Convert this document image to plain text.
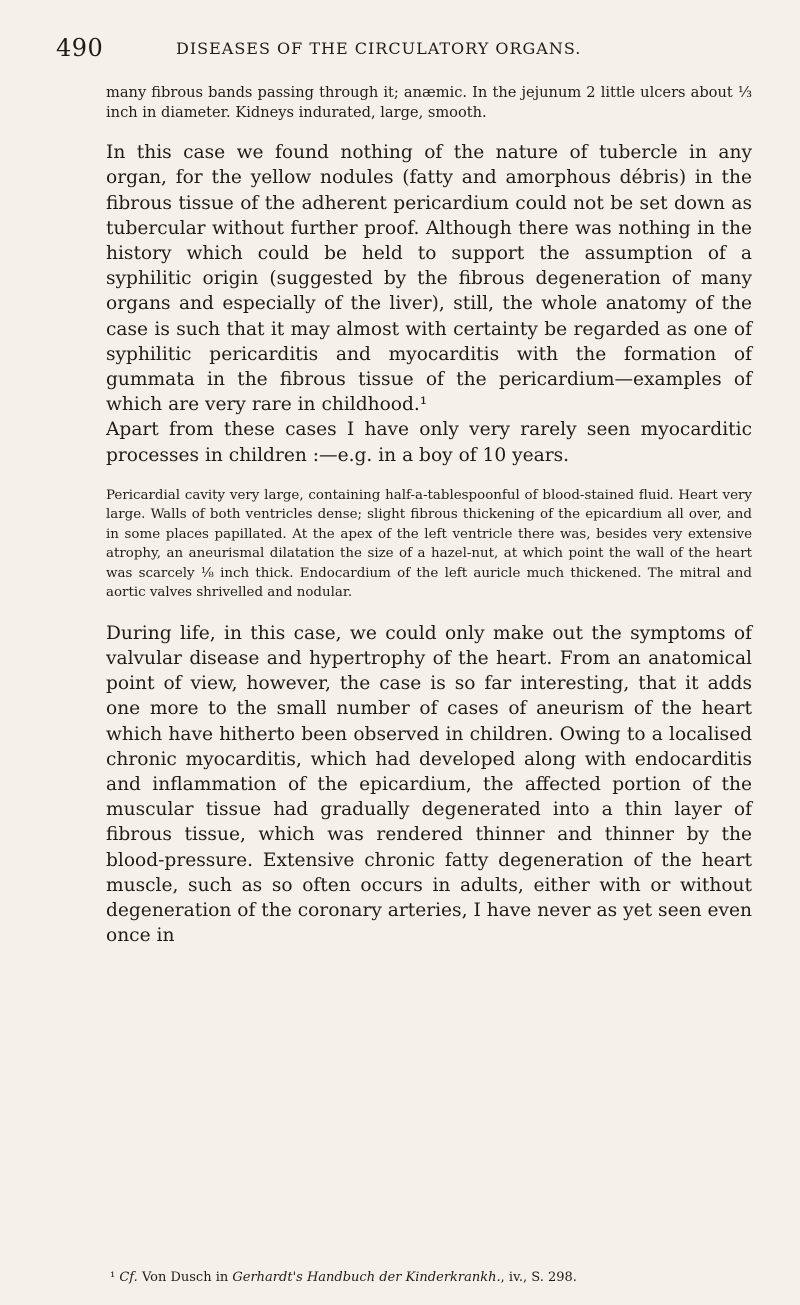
490	DISEASES OF THE CIRCULATORY ORGANS.

many fibrous bands passing through it; anæmic. In the jejunum 2 little ulcers about ⅓ inch in diameter. Kidneys indurated, large, smooth.

In this case we found nothing of the nature of tubercle in any organ, for the yellow nodules (fatty and amorphous débris) in the fibrous tissue of the adherent pericardium could not be set down as tubercular without further proof. Although there was nothing in the history which could be held to support the assumption of a syphilitic origin (suggested by the fibrous degeneration of many organs and especially of the liver), still, the whole anatomy of the case is such that it may almost with certainty be regarded as one of syphilitic pericarditis and myocarditis with the formation of gummata in the fibrous tissue of the pericardium—examples of which are very rare in childhood.¹

Apart from these cases I have only very rarely seen myocarditic processes in children :—e.g. in a boy of 10 years.

Pericardial cavity very large, containing half-a-tablespoonful of blood-stained fluid. Heart very large. Walls of both ventricles dense; slight fibrous thickening of the epicardium all over, and in some places papillated. At the apex of the left ventricle there was, besides very extensive atrophy, an aneurismal dilatation the size of a hazel-nut, at which point the wall of the heart was scarcely ⅛ inch thick. Endocardium of the left auricle much thickened. The mitral and aortic valves shrivelled and nodular.

During life, in this case, we could only make out the symptoms of valvular disease and hypertrophy of the heart. From an anatomical point of view, however, the case is so far interesting, that it adds one more to the small number of cases of aneurism of the heart which have hitherto been observed in children. Owing to a localised chronic myocarditis, which had developed along with endocarditis and inflammation of the epicardium, the affected portion of the muscular tissue had gradually degenerated into a thin layer of fibrous tissue, which was rendered thinner and thinner by the blood-pressure. Extensive chronic fatty degeneration of the heart muscle, such as so often occurs in adults, either with or without degeneration of the coronary arteries, I have never as yet seen even once in

¹ Cf. Von Dusch in Gerhardt's Handbuch der Kinderkrankh., iv., S. 298.
